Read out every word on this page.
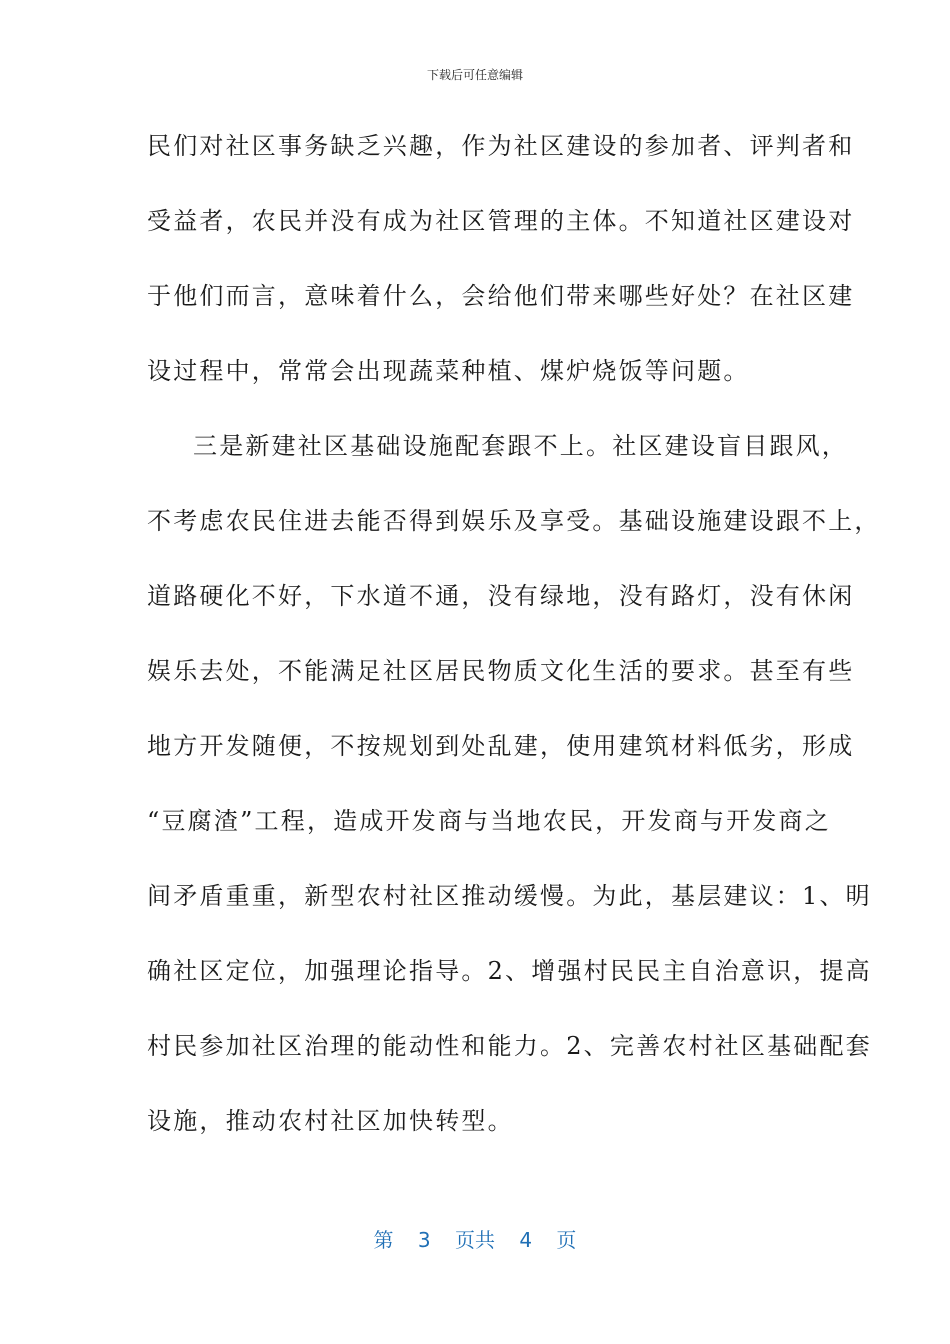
下载后可任意编辑
民们对社区事务缺乏兴趣，作为社区建设的参加者、评判者和
受益者，农民并没有成为社区管理的主体。不知道社区建设对
于他们而言，意味着什么，会给他们带来哪些好处？在社区建
设过程中，常常会出现蔬菜种植、煤炉烧饭等问题。
三是新建社区基础设施配套跟不上。社区建设盲目跟风，
不考虑农民住进去能否得到娱乐及享受。基础设施建设跟不上，
道路硬化不好，下水道不通，没有绿地，没有路灯，没有休闲
娱乐去处，不能满足社区居民物质文化生活的要求。甚至有些
地方开发随便，不按规划到处乱建，使用建筑材料低劣，形成
“豆腐渣”工程，造成开发商与当地农民，开发商与开发商之
间矛盾重重，新型农村社区推动缓慢。为此，基层建议：1、明
确社区定位，加强理论指导。2、增强村民民主自治意识，提高
村民参加社区治理的能动性和能力。2、完善农村社区基础配套
设施，推动农村社区加快转型。
第 3 页共 4 页
